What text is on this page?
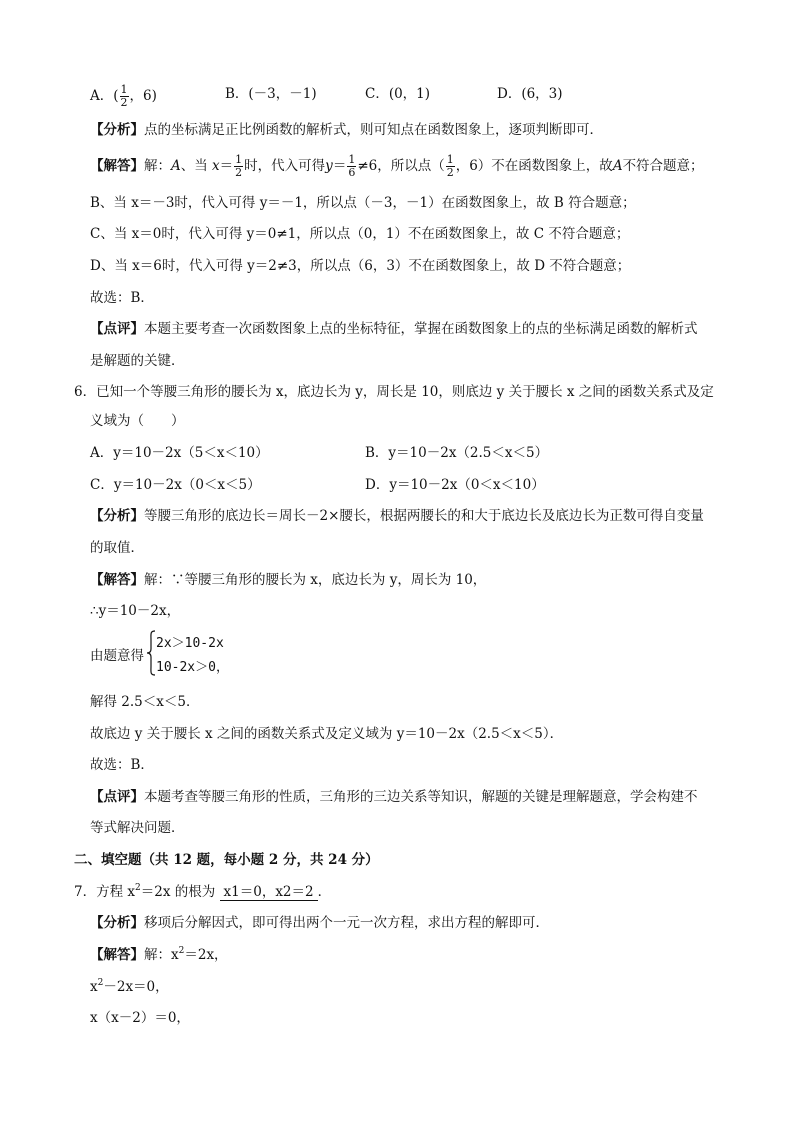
A．( $\frac{1}{2}$ ，6)	B．(－3，－1)	C．(0，1)	D．(6，3)
【分析】点的坐标满足正比例函数的解析式，则可知点在函数图象上，逐项判断即可．
【解答】解：A、当 $x= \frac{1}{2}$ 时，代入可得$y= \frac{1}{6} \ne 6$，所以点（ $\frac{1}{2}$ ，6）不在函数图象上，故A不符合题意；
B、当 x＝－3时，代入可得 y＝－1，所以点（－3，－1）在函数图象上，故 B 符合题意；
C、当 x＝0时，代入可得 y＝0≠1，所以点（0，1）不在函数图象上，故 C 不符合题意；
D、当 x＝6时，代入可得 y＝2≠3，所以点（6，3）不在函数图象上，故 D 不符合题意；
故选：B．
【点评】本题主要考查一次函数图象上点的坐标特征，掌握在函数图象上的点的坐标满足函数的解析式
是解题的关键．
6．已知一个等腰三角形的腰长为 x，底边长为 y，周长是 10，则底边 y 关于腰长 x 之间的函数关系式及定
义域为（　　）
A．y＝10－2x（5＜x＜10）	B．y＝10－2x（2.5＜x＜5）
C．y＝10－2x（0＜x＜5）	D．y＝10－2x（0＜x＜10）
【分析】等腰三角形的底边长＝周长－2×腰长，根据两腰长的和大于底边长及底边长为正数可得自变量
的取值．
【解答】解：∵等腰三角形的腰长为 x，底边长为 y，周长为 10，
∴y＝10－2x，
由题意得
2x＞10-2x
10-2x＞0，
解得 2.5＜x＜5．
故底边 y 关于腰长 x 之间的函数关系式及定义域为 y＝10－2x（2.5＜x＜5）．
故选：B．
【点评】本题考查等腰三角形的性质，三角形的三边关系等知识，解题的关键是理解题意，学会构建不
等式解决问题．
二、填空题（共 12 题，每小题 2 分，共 24 分）
7．方程 $x^2=2x$ 的根为 x1＝0，x2＝2 ．
【分析】移项后分解因式，即可得出两个一元一次方程，求出方程的解即可．
【解答】解：$x^2=2x$，
$x^2-2x=0$，
x（x－2）＝0，
